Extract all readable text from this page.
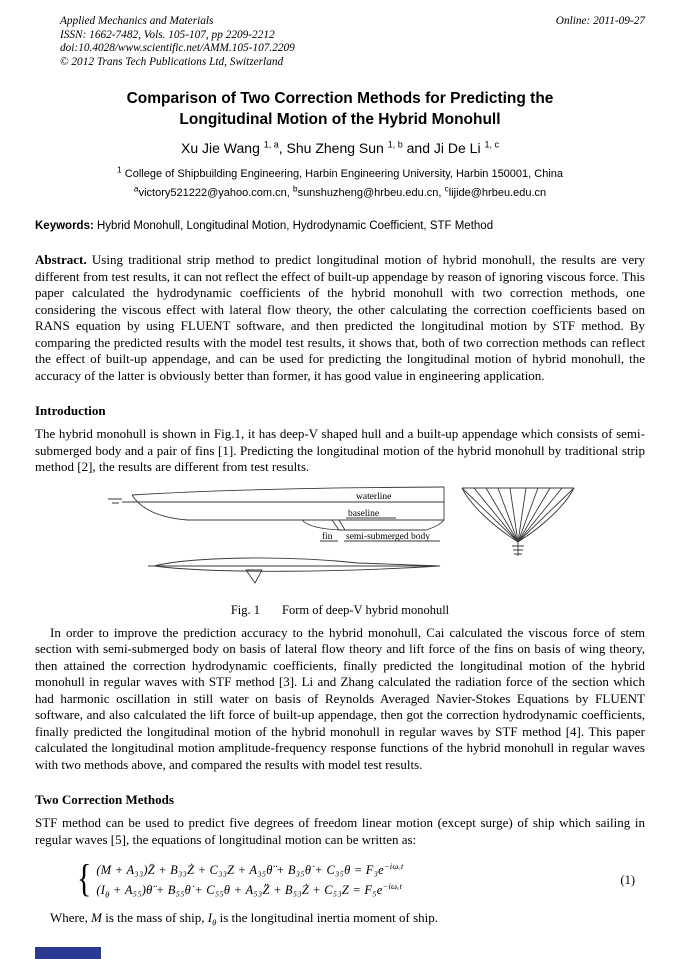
Applied Mechanics and Materials	Online: 2011-09-27
ISSN: 1662-7482, Vols. 105-107, pp 2209-2212
doi:10.4028/www.scientific.net/AMM.105-107.2209
© 2012 Trans Tech Publications Ltd, Switzerland
Comparison of Two Correction Methods for Predicting the Longitudinal Motion of the Hybrid Monohull

Xu Jie Wang $^{1, a}$, Shu Zheng Sun $^{1, b}$ and Ji De Li $^{1, c}$

$^1$ College of Shipbuilding Engineering, Harbin Engineering University, Harbin 150001, China

$^a$victory521222@yahoo.com.cn, $^b$sunshuzheng@hrbeu.edu.cn, $^c$lijide@hrbeu.edu.cn

Keywords: Hybrid Monohull, Longitudinal Motion, Hydrodynamic Coefficient, STF Method

Abstract. Using traditional strip method to predict longitudinal motion of hybrid monohull, the results are very different from test results, it can not reflect the effect of built-up appendage by reason of ignoring viscous force. This paper calculated the hydrodynamic coefficients of the hybrid monohull with two correction methods, one considering the viscous effect with lateral flow theory, the other calculating the correction coefficients based on RANS equation by using FLUENT software, and then predicted the longitudinal motion by STF method. By comparing the predicted results with the model test results, it shows that, both of two correction methods can reflect the effect of built-up appendage, and can be used for predicting the longitudinal motion of hybrid monohull, the accuracy of the latter is obviously better than former, it has good value in engineering application.

Introduction

The hybrid monohull is shown in Fig.1, it has deep-V shaped hull and a built-up appendage which consists of semi-submerged body and a pair of fins [1]. Predicting the longitudinal motion of the hybrid monohull by traditional strip method [2], the results are different from test results.

waterline
baseline
fin semi-submerged body
Fig. 1 Form of deep-V hybrid monohull

In order to improve the prediction accuracy to the hybrid monohull, Cai calculated the viscous force of stem section with semi-submerged body on basis of lateral flow theory and lift force of the fins on basis of wing theory, then attained the correction hydrodynamic coefficients, finally predicted the longitudinal motion of the hybrid monohull in regular waves with STF method [3]. Li and Zhang calculated the radiation force of the section which had harmonic oscillation in still water on basis of Reynolds Averaged Navier-Stokes Equations by FLUENT software, and also calculated the lift force of built-up appendage, then got the correction hydrodynamic coefficients, finally predicted the longitudinal motion of the hybrid monohull in regular waves by STF method [4]. This paper calculated the longitudinal motion amplitude-frequency response functions of the hybrid monohull in regular waves with two methods above, and compared the results with model test results.

Two Correction Methods

STF method can be used to predict five degrees of freedom linear motion (except surge) of ship which sailing in regular waves [5], the equations of longitudinal motion can be written as:

{ (M + A₃₃)Z̈ + B₃₃Ż + C₃₃Z + A₃₅θ̈ + B₃₅θ̇ + $C_{35}\theta = F_3e^{-i\omega_et}$
($I_\theta$ + A₅₅)θ̈ + B₅₅θ̇ + C₅₅θ + A₅₃Z̈ + B₅₃Ż + $C_{53}Z = F_5e^{-i\omega_et}$	(1)

Where, M is the mass of ship, $I_\theta$ is the longitudinal inertia moment of ship.
